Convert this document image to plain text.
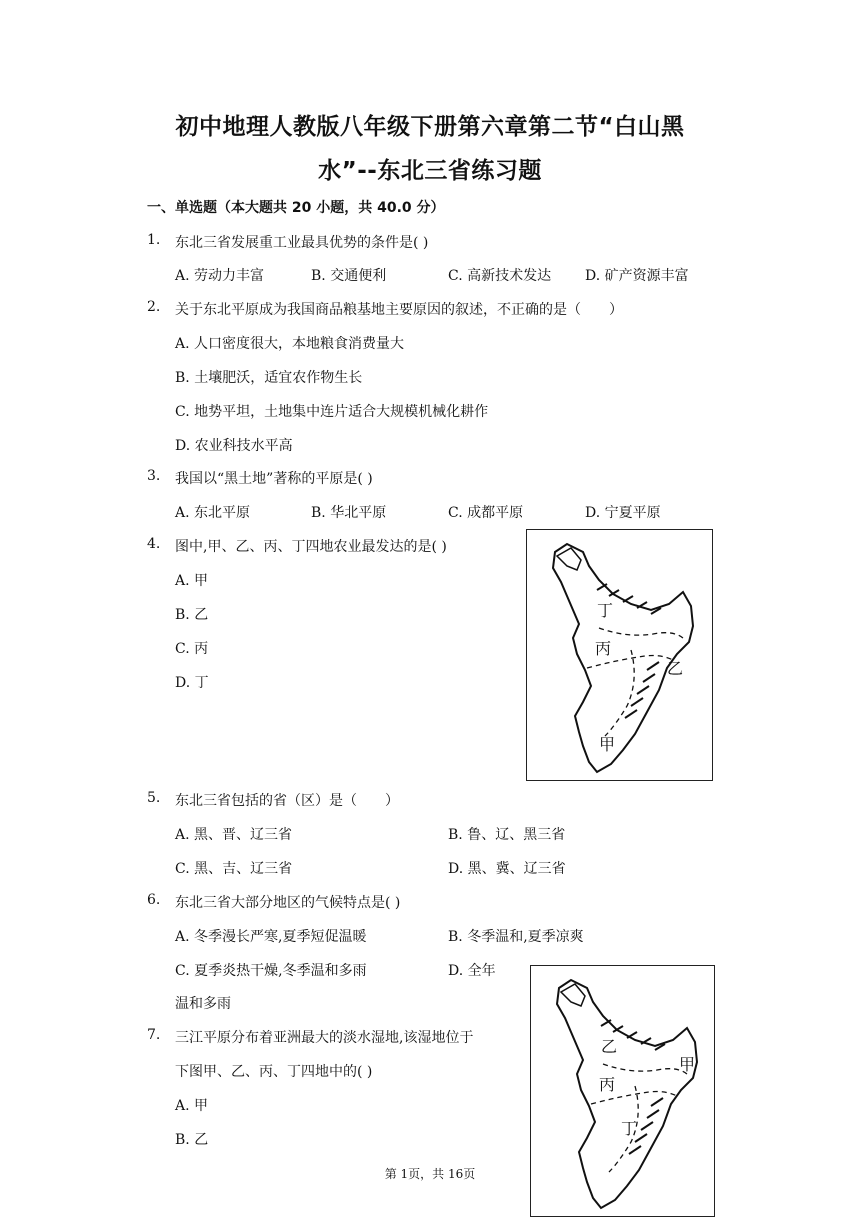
初中地理人教版八年级下册第六章第二节“白山黑
水”--东北三省练习题
一、单选题（本大题共 20 小题，共 40.0 分）
1. 东北三省发展重工业最具优势的条件是( )
A. 劳动力丰富	B. 交通便利	C. 高新技术发达 D. 矿产资源丰富
2. 关于东北平原成为我国商品粮基地主要原因的叙述，不正确的是（　　）
A. 人口密度很大，本地粮食消费量大
B. 土壤肥沃，适宜农作物生长
C. 地势平坦，土地集中连片适合大规模机械化耕作
D. 农业科技水平高
3. 我国以“黑土地”著称的平原是( )
A. 东北平原	B. 华北平原	C. 成都平原	D. 宁夏平原
4. 图中,甲、乙、丙、丁四地农业最发达的是( )
A. 甲
B. 乙
C. 丙
D. 丁
丁
丙
乙
甲
5. 东北三省包括的省（区）是（　　）
A. 黑、晋、辽三省	B. 鲁、辽、黑三省
C. 黑、吉、辽三省	D. 黑、冀、辽三省
6. 东北三省大部分地区的气候特点是( )
A. 冬季漫长严寒,夏季短促温暖	B. 冬季温和,夏季凉爽
C. 夏季炎热干燥,冬季温和多雨	D. 全年
温和多雨
7. 三江平原分布着亚洲最大的淡水湿地,该湿地位于
下图甲、乙、丙、丁四地中的( )
A. 甲
B. 乙
乙
甲
丙
丁
第 1页，共 16页
